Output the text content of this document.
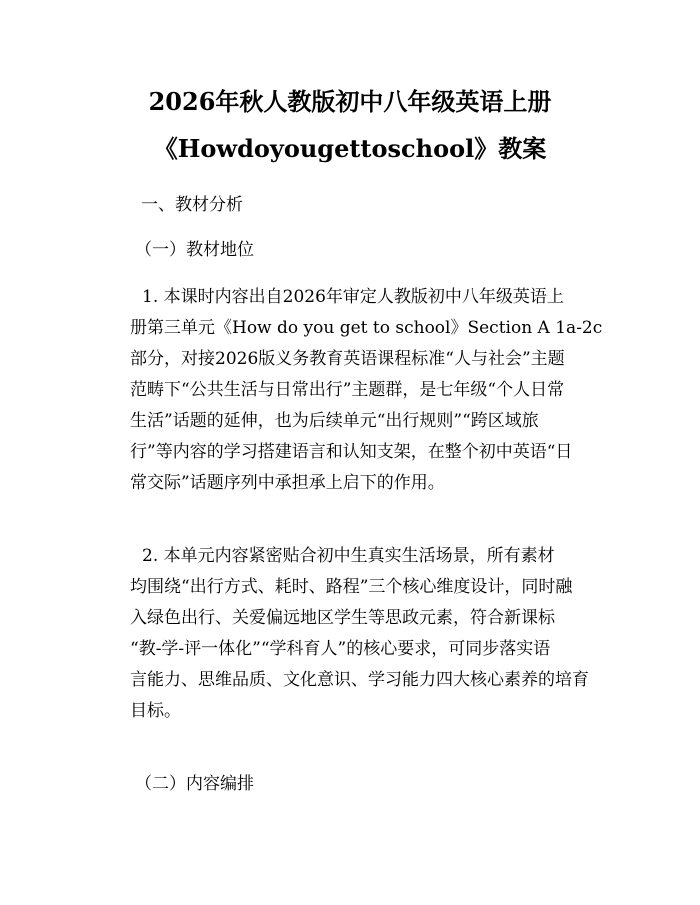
2026年秋人教版初中八年级英语上册
《Howdoyougettoschool》教案
一、教材分析
（一）教材地位
1. 本课时内容出自2026年审定人教版初中八年级英语上
册第三单元《How do you get to school》Section A 1a-2c
部分，对接2026版义务教育英语课程标准“人与社会”主题
范畴下“公共生活与日常出行”主题群，是七年级“个人日常
生活”话题的延伸，也为后续单元“出行规则”“跨区域旅
行”等内容的学习搭建语言和认知支架，在整个初中英语“日
常交际”话题序列中承担承上启下的作用。
2. 本单元内容紧密贴合初中生真实生活场景，所有素材
均围绕“出行方式、耗时、路程”三个核心维度设计，同时融
入绿色出行、关爱偏远地区学生等思政元素，符合新课标
“教-学-评一体化”“学科育人”的核心要求，可同步落实语
言能力、思维品质、文化意识、学习能力四大核心素养的培育
目标。
（二）内容编排
